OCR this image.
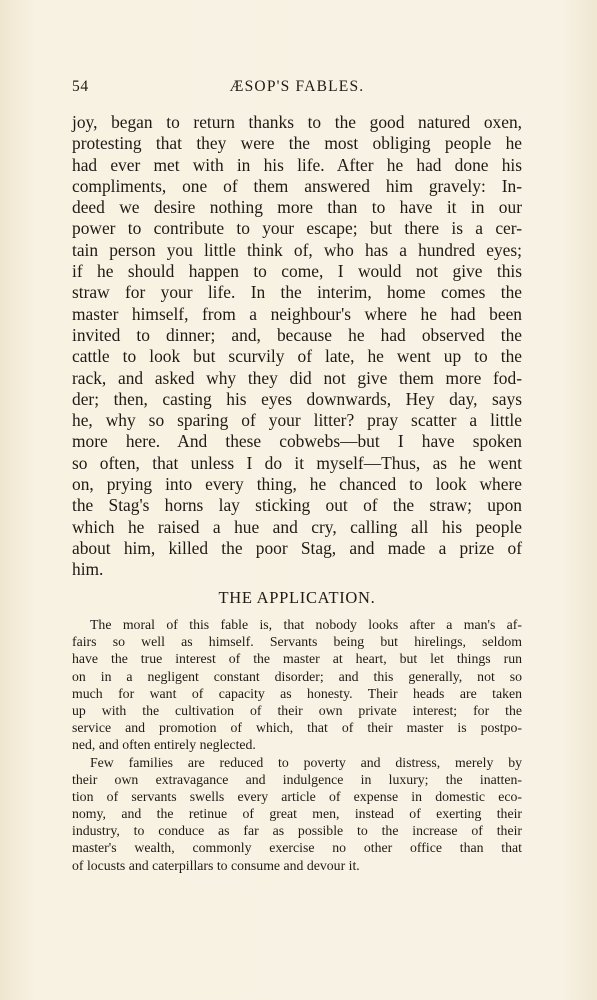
54	ÆSOP'S FABLES.
joy, began to return thanks to the good natured oxen,
protesting that they were the most obliging people he
had ever met with in his life. After he had done his
compliments, one of them answered him gravely: In-
deed we desire nothing more than to have it in our
power to contribute to your escape; but there is a cer-
tain person you little think of, who has a hundred eyes;
if he should happen to come, I would not give this
straw for your life. In the interim, home comes the
master himself, from a neighbour's where he had been
invited to dinner; and, because he had observed the
cattle to look but scurvily of late, he went up to the
rack, and asked why they did not give them more fod-
der; then, casting his eyes downwards, Hey day, says
he, why so sparing of your litter? pray scatter a little
more here. And these cobwebs—but I have spoken
so often, that unless I do it myself—Thus, as he went
on, prying into every thing, he chanced to look where
the Stag's horns lay sticking out of the straw; upon
which he raised a hue and cry, calling all his people
about him, killed the poor Stag, and made a prize of
him.
THE APPLICATION.
The moral of this fable is, that nobody looks after a man's af-
fairs so well as himself. Servants being but hirelings, seldom
have the true interest of the master at heart, but let things run
on in a negligent constant disorder; and this generally, not so
much for want of capacity as honesty. Their heads are taken
up with the cultivation of their own private interest; for the
service and promotion of which, that of their master is postpo-
ned, and often entirely neglected.
Few families are reduced to poverty and distress, merely by
their own extravagance and indulgence in luxury; the inatten-
tion of servants swells every article of expense in domestic eco-
nomy, and the retinue of great men, instead of exerting their
industry, to conduce as far as possible to the increase of their
master's wealth, commonly exercise no other office than that
of locusts and caterpillars to consume and devour it.
